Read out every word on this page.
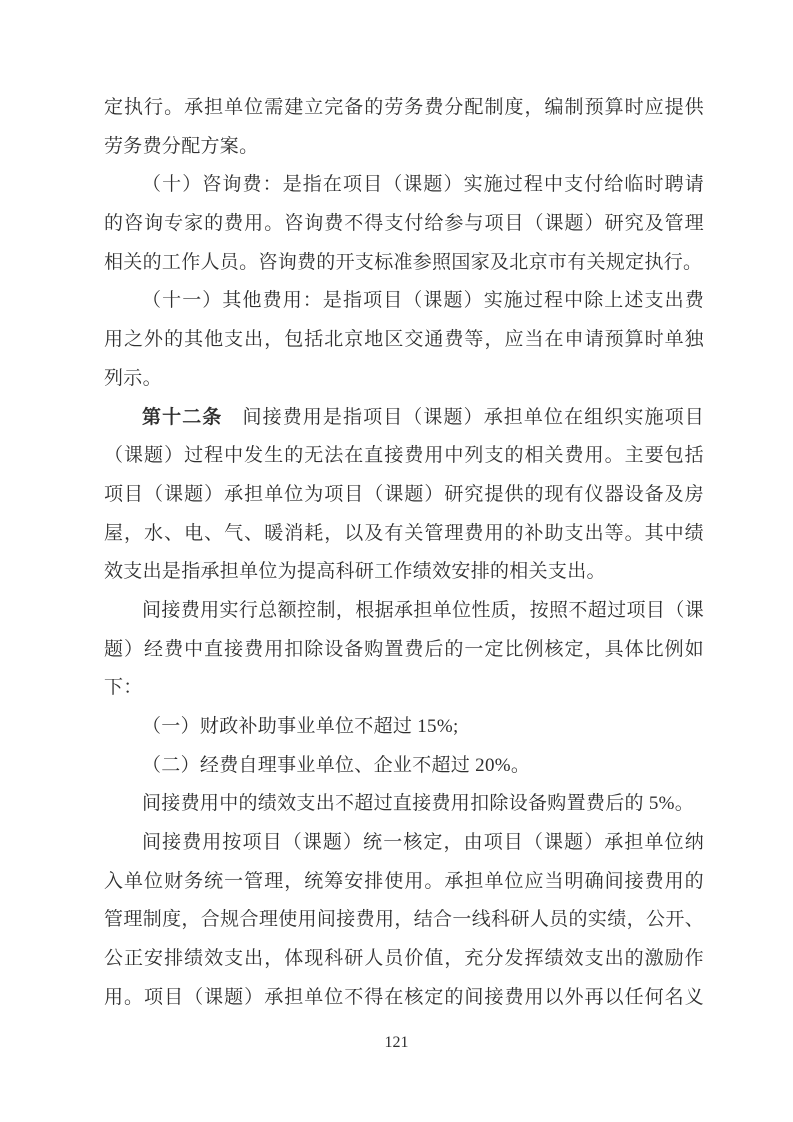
定执行。承担单位需建立完备的劳务费分配制度，编制预算时应提供
劳务费分配方案。
（十）咨询费：是指在项目（课题）实施过程中支付给临时聘请
的咨询专家的费用。咨询费不得支付给参与项目（课题）研究及管理
相关的工作人员。咨询费的开支标准参照国家及北京市有关规定执行。
（十一）其他费用：是指项目（课题）实施过程中除上述支出费
用之外的其他支出，包括北京地区交通费等，应当在申请预算时单独
列示。
第十二条　间接费用是指项目（课题）承担单位在组织实施项目
（课题）过程中发生的无法在直接费用中列支的相关费用。主要包括
项目（课题）承担单位为项目（课题）研究提供的现有仪器设备及房
屋，水、电、气、暖消耗，以及有关管理费用的补助支出等。其中绩
效支出是指承担单位为提高科研工作绩效安排的相关支出。
间接费用实行总额控制，根据承担单位性质，按照不超过项目（课
题）经费中直接费用扣除设备购置费后的一定比例核定，具体比例如
下：
（一）财政补助事业单位不超过 15%;
（二）经费自理事业单位、企业不超过 20%。
间接费用中的绩效支出不超过直接费用扣除设备购置费后的 5%。
间接费用按项目（课题）统一核定，由项目（课题）承担单位纳
入单位财务统一管理，统筹安排使用。承担单位应当明确间接费用的
管理制度，合规合理使用间接费用，结合一线科研人员的实绩，公开、
公正安排绩效支出，体现科研人员价值，充分发挥绩效支出的激励作
用。项目（课题）承担单位不得在核定的间接费用以外再以任何名义
121
